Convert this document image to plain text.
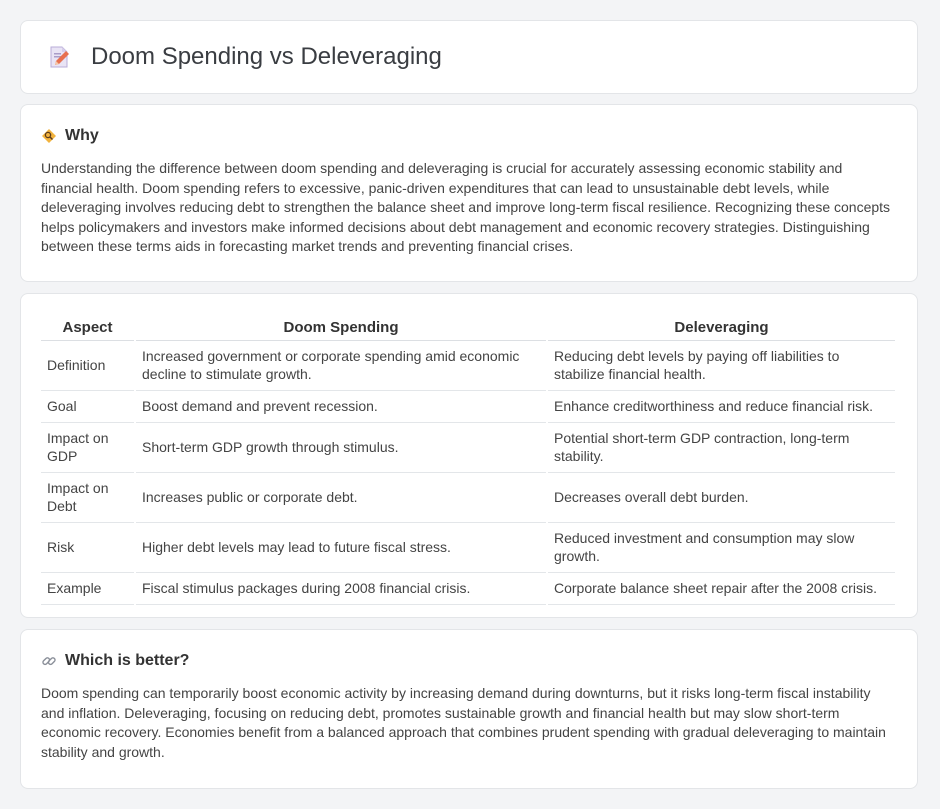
Doom Spending vs Deleveraging
Why

Understanding the difference between doom spending and deleveraging is crucial for accurately assessing economic stability and financial health. Doom spending refers to excessive, panic-driven expenditures that can lead to unsustainable debt levels, while deleveraging involves reducing debt to strengthen the balance sheet and improve long-term fiscal resilience. Recognizing these concepts helps policymakers and investors make informed decisions about debt management and economic recovery strategies. Distinguishing between these terms aids in forecasting market trends and preventing financial crises.

Aspect	Doom Spending	Deleveraging
Definition	Increased government or corporate spending amid economic decline to stimulate growth.	Reducing debt levels by paying off liabilities to stabilize financial health.
Goal	Boost demand and prevent recession.	Enhance creditworthiness and reduce financial risk.
Impact on GDP	Short-term GDP growth through stimulus.	Potential short-term GDP contraction, long-term stability.
Impact on Debt	Increases public or corporate debt.	Decreases overall debt burden.
Risk	Higher debt levels may lead to future fiscal stress.	Reduced investment and consumption may slow growth.
Example	Fiscal stimulus packages during 2008 financial crisis.	Corporate balance sheet repair after the 2008 crisis.
Which is better?

Doom spending can temporarily boost economic activity by increasing demand during downturns, but it risks long-term fiscal instability and inflation. Deleveraging, focusing on reducing debt, promotes sustainable growth and financial health but may slow short-term economic recovery. Economies benefit from a balanced approach that combines prudent spending with gradual deleveraging to maintain stability and growth.
